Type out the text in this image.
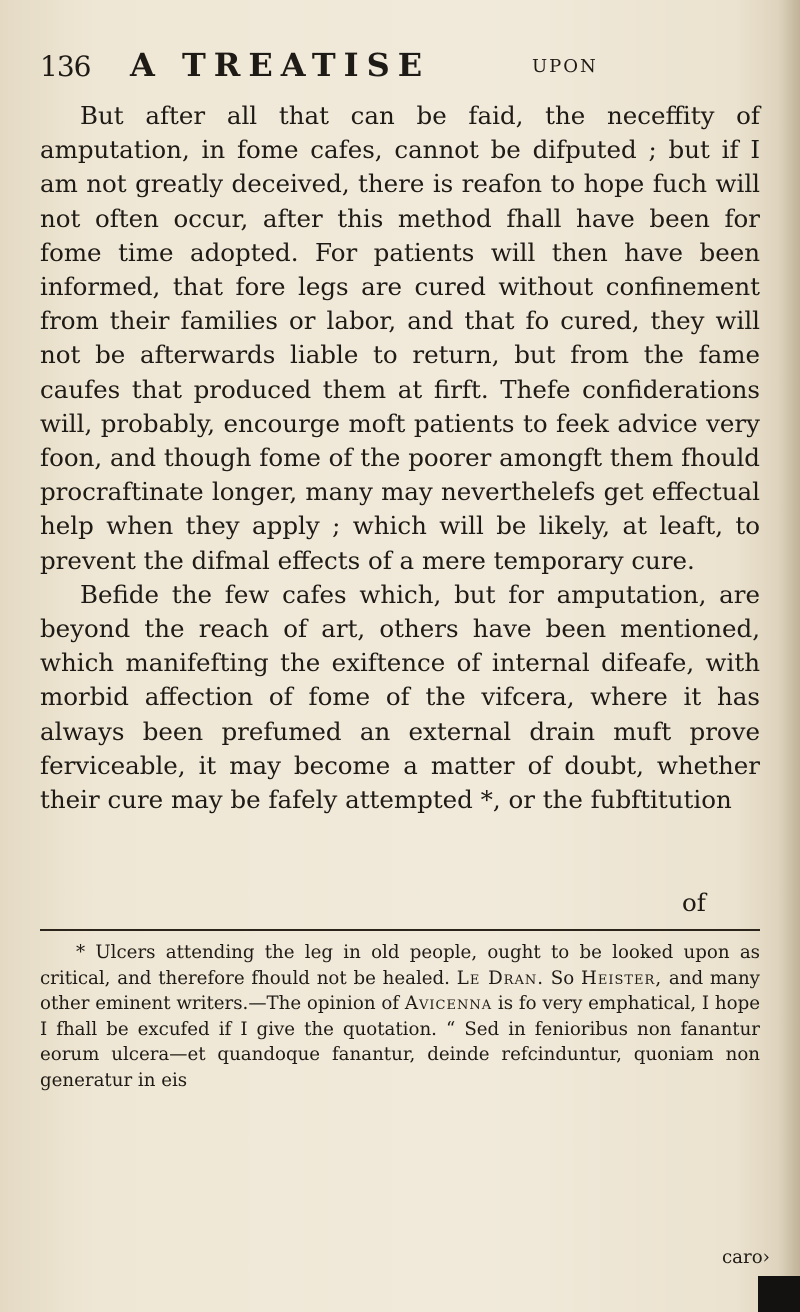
136 A TREATISE	UPON

But after all that can be faid, the neceffity of amputation, in fome cafes, cannot be difputed ; but if I am not greatly deceived, there is reafon to hope fuch will not often occur, after this method fhall have been for fome time adopted. For patients will then have been informed, that fore legs are cured without confinement from their families or labor, and that fo cured, they will not be afterwards liable to return, but from the fame caufes that produced them at firft. Thefe confiderations will, probably, encourge moft patients to feek advice very foon, and though fome of the poorer amongft them fhould procraftinate longer, many may neverthelefs get effectual help when they apply ; which will be likely, at leaft, to prevent the difmal effects of a mere temporary cure.

Befide the few cafes which, but for amputation, are beyond the reach of art, others have been mentioned, which manifefting the exiftence of internal difeafe, with morbid affection of fome of the vifcera, where it has always been prefumed an external drain muft prove ferviceable, it may become a matter of doubt, whether their cure may be fafely attempted *, or the fubftitution

of

* Ulcers attending the leg in old people, ought to be looked upon as critical, and therefore fhould not be healed. Le Dran. So Heister, and many other eminent writers.—The opinion of Avicenna is fo very emphatical, I hope I fhall be excufed if I give the quotation. “ Sed in fenioribus non fanantur eorum ulcera—et quandoque fanantur, deinde refcinduntur, quoniam non generatur in eis

caro›
